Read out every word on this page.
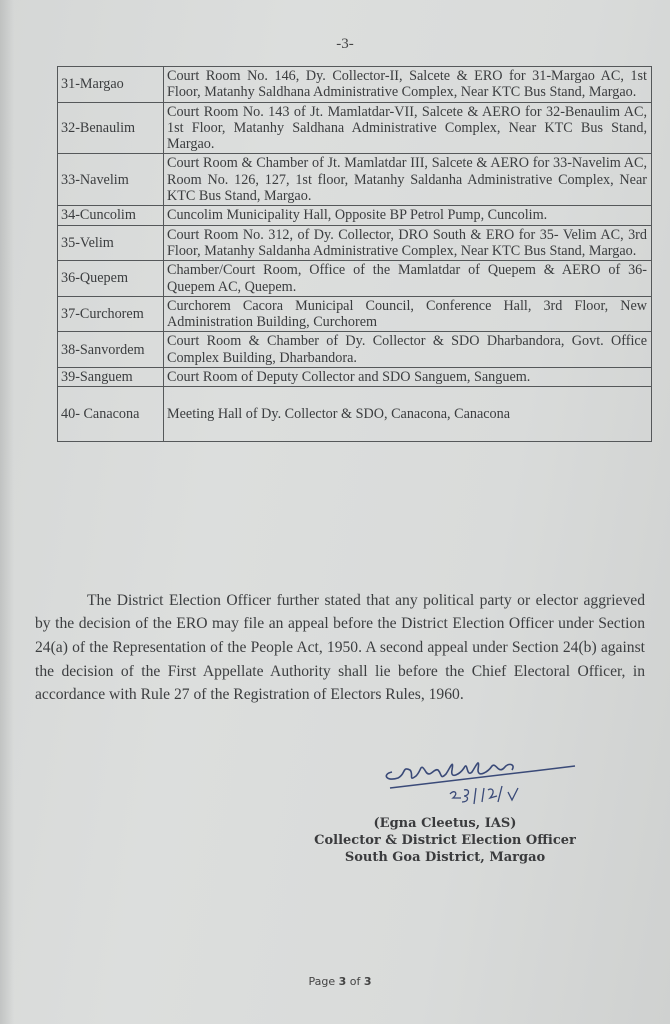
-3-
31-Margao	Court Room No. 146, Dy. Collector-II, Salcete & ERO for 31-Margao AC, 1st Floor, Matanhy Saldhana Administrative Complex, Near KTC Bus Stand, Margao.
32-Benaulim	Court Room No. 143 of Jt. Mamlatdar-VII, Salcete & AERO for 32-Benaulim AC, 1st Floor, Matanhy Saldhana Administrative Complex, Near KTC Bus Stand, Margao.
33-Navelim	Court Room & Chamber of Jt. Mamlatdar III, Salcete & AERO for 33-Navelim AC, Room No. 126, 127, 1st floor, Matanhy Saldanha Administrative Complex, Near KTC Bus Stand, Margao.
34-Cuncolim	Cuncolim Municipality Hall, Opposite BP Petrol Pump, Cuncolim.
35-Velim	Court Room No. 312, of Dy. Collector, DRO South & ERO for 35- Velim AC, 3rd Floor, Matanhy Saldanha Administrative Complex, Near KTC Bus Stand, Margao.
36-Quepem	Chamber/Court Room, Office of the Mamlatdar of Quepem & AERO of 36-Quepem AC, Quepem.
37-Curchorem	Curchorem Cacora Municipal Council, Conference Hall, 3rd Floor, New Administration Building, Curchorem
38-Sanvordem	Court Room & Chamber of Dy. Collector & SDO Dharbandora, Govt. Office Complex Building, Dharbandora.
39-Sanguem	Court Room of Deputy Collector and SDO Sanguem, Sanguem.
40- Canacona	Meeting Hall of Dy. Collector & SDO, Canacona, Canacona

The District Election Officer further stated that any political party or elector aggrieved by the decision of the ERO may file an appeal before the District Election Officer under Section 24(a) of the Representation of the People Act, 1950. A second appeal under Section 24(b) against the decision of the First Appellate Authority shall lie before the Chief Electoral Officer, in accordance with Rule 27 of the Registration of Electors Rules, 1960.

(Egna Cleetus, IAS)
Collector & District Election Officer
South Goa District, Margao
Page 3 of 3
